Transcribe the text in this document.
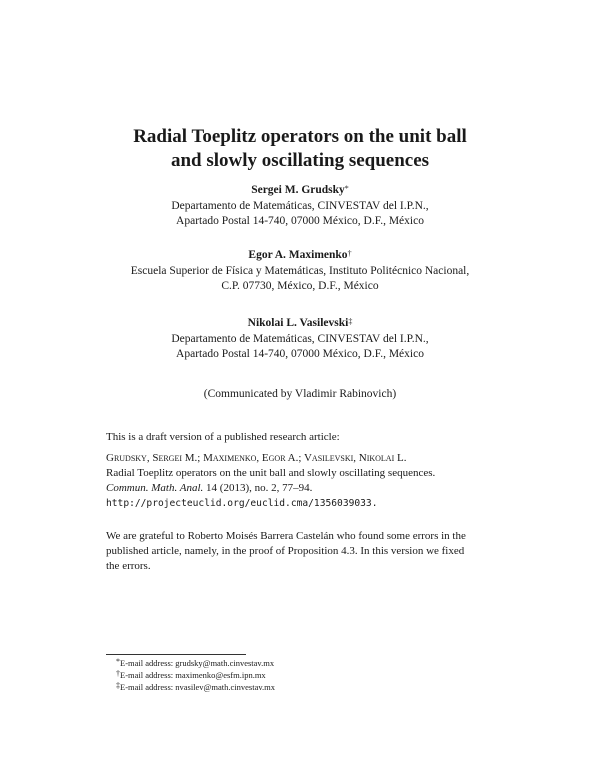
Radial Toeplitz operators on the unit ball
and slowly oscillating sequences
Sergei M. Grudsky*
Departamento de Matemáticas, CINVESTAV del I.P.N.,
Apartado Postal 14-740, 07000 México, D.F., México
Egor A. Maximenko†
Escuela Superior de Física y Matemáticas, Instituto Politécnico Nacional,
C.P. 07730, México, D.F., México
Nikolai L. Vasilevski‡
Departamento de Matemáticas, CINVESTAV del I.P.N.,
Apartado Postal 14-740, 07000 México, D.F., México
(Communicated by Vladimir Rabinovich)
This is a draft version of a published research article:
Grudsky, Sergei M.; Maximenko, Egor A.; Vasilevski, Nikolai L.
Radial Toeplitz operators on the unit ball and slowly oscillating sequences.
Commun. Math. Anal. 14 (2013), no. 2, 77–94.
http://projecteuclid.org/euclid.cma/1356039033.
We are grateful to Roberto Moisés Barrera Castelán who found some errors in the
published article, namely, in the proof of Proposition 4.3. In this version we fixed
the errors.
*E-mail address: grudsky@math.cinvestav.mx
†E-mail address: maximenko@esfm.ipn.mx
‡E-mail address: nvasilev@math.cinvestav.mx
